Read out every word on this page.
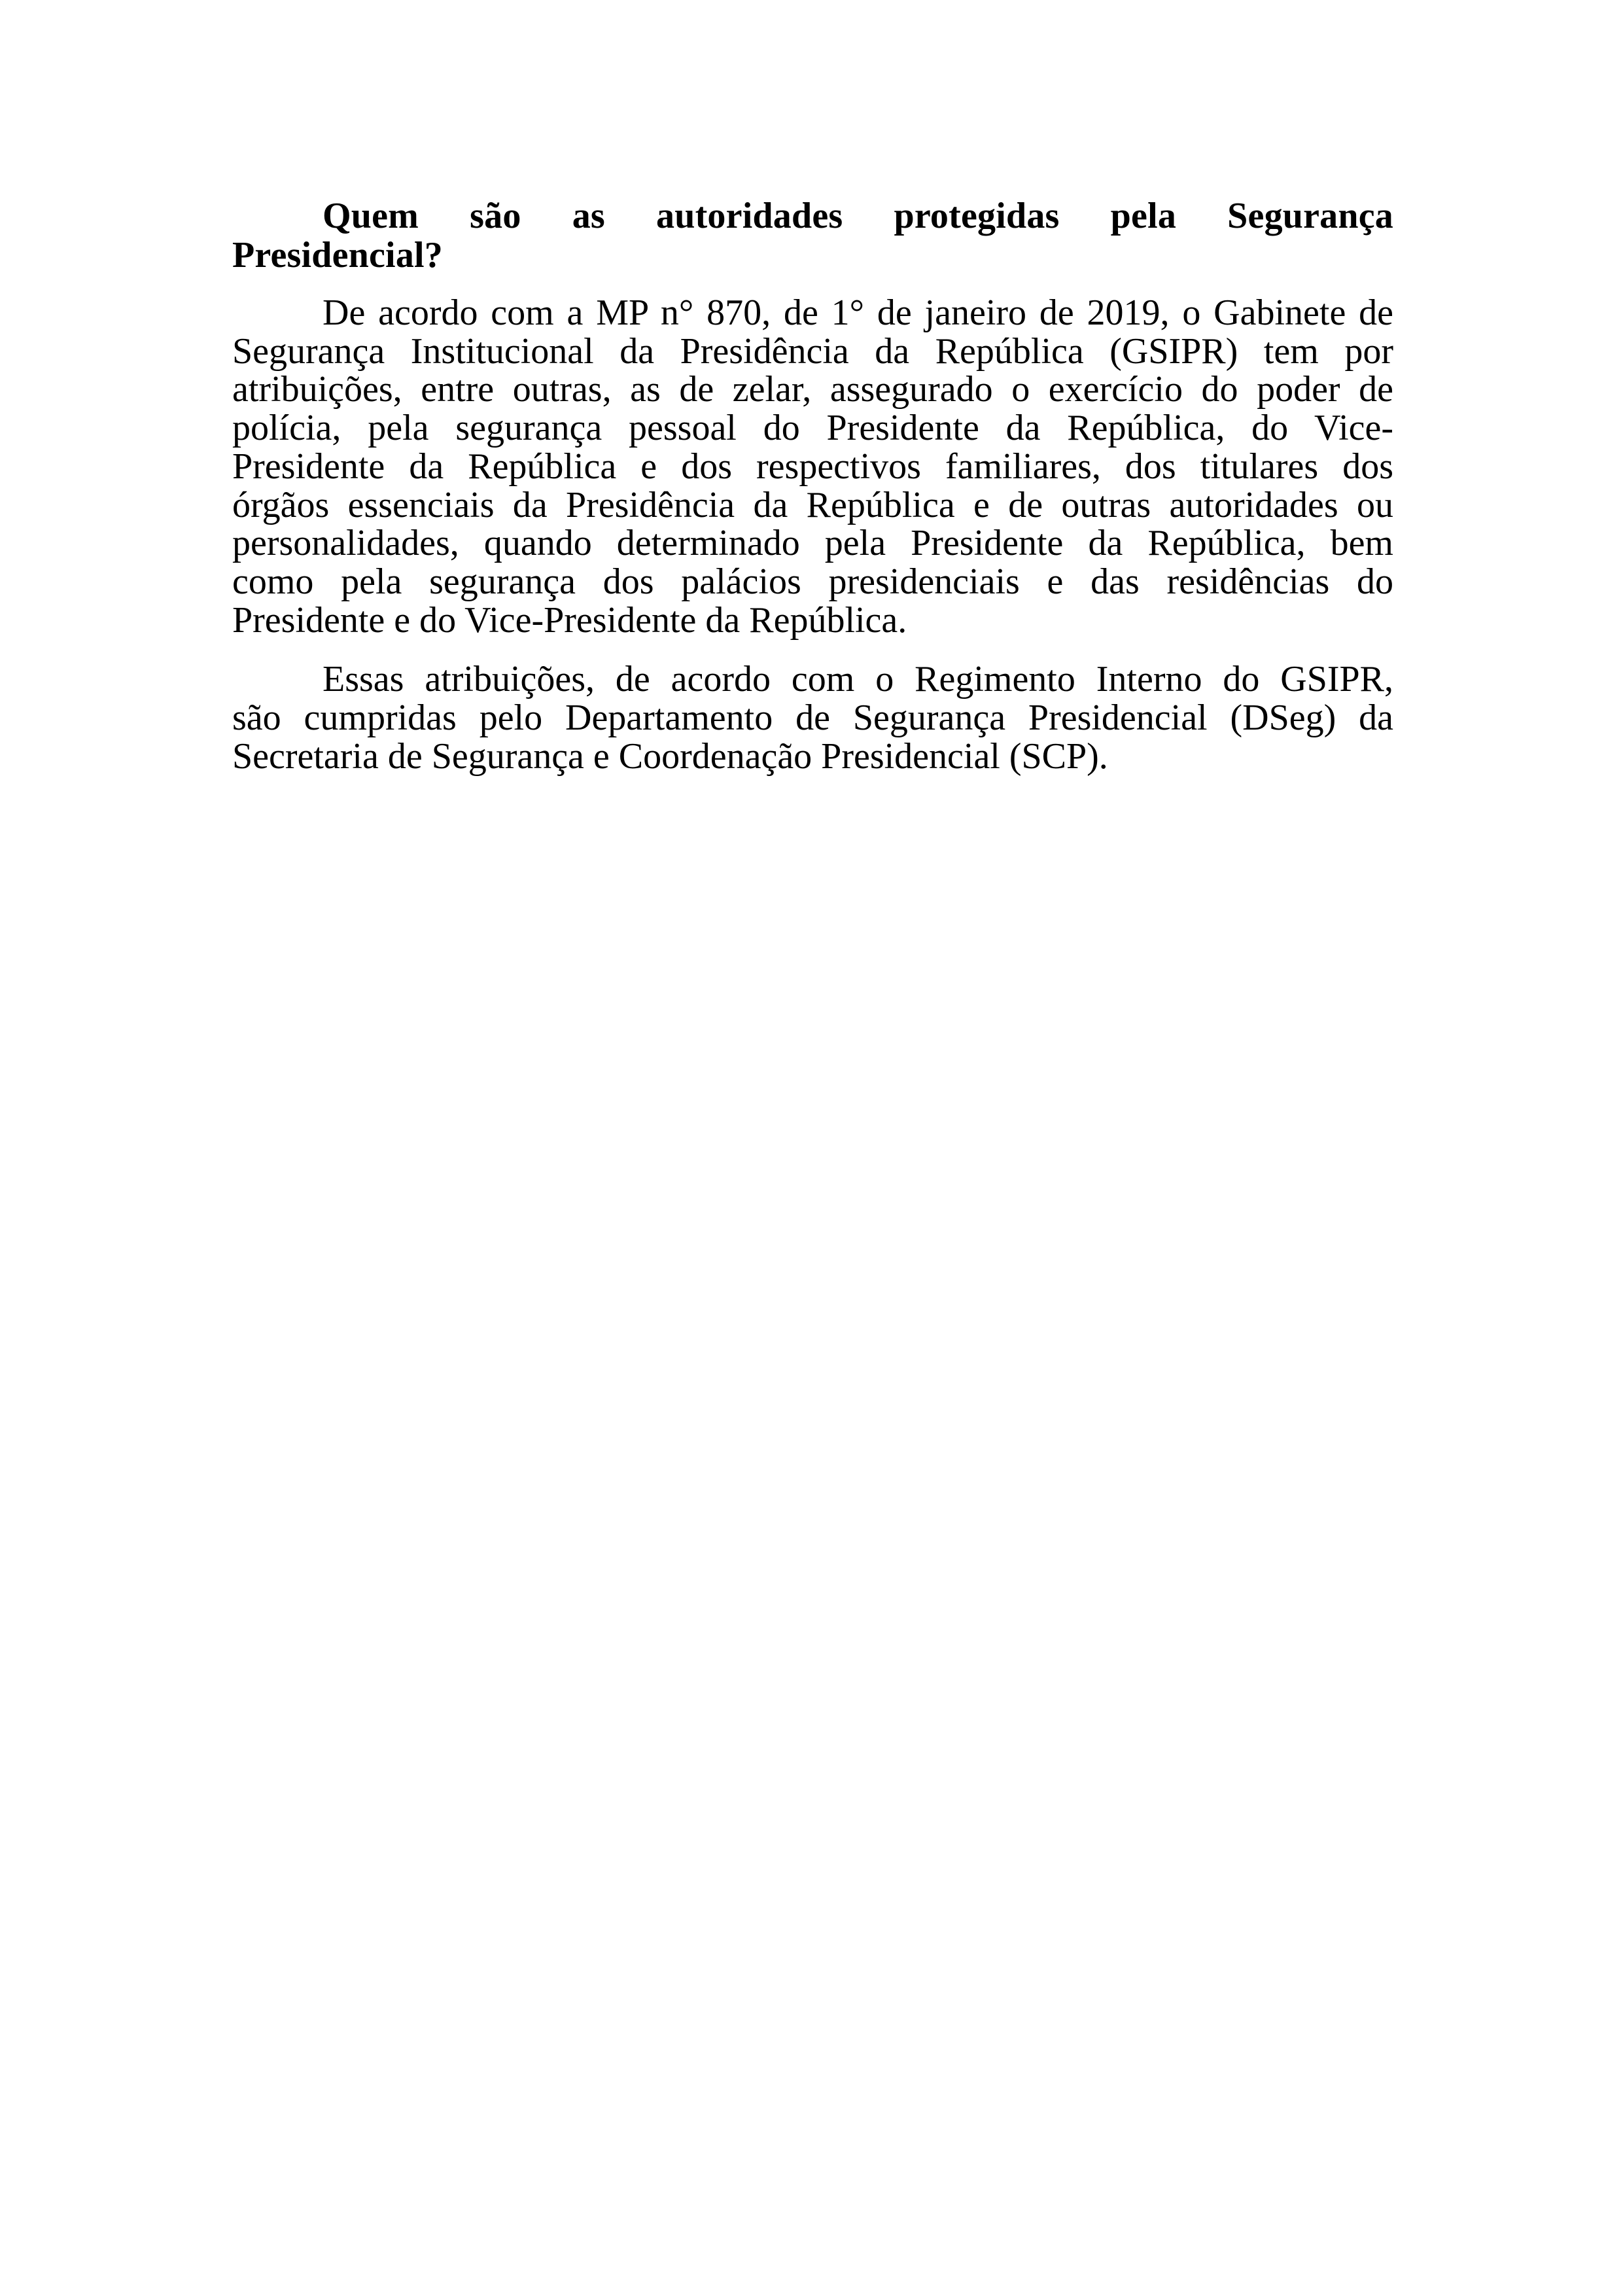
Quem são as autoridades protegidas pela Segurança
Presidencial?

De acordo com a MP n° 870, de 1° de janeiro de 2019, o Gabinete de
Segurança Institucional da Presidência da República (GSIPR) tem por
atribuições, entre outras, as de zelar, assegurado o exercício do poder de
polícia, pela segurança pessoal do Presidente da República, do Vice-
Presidente da República e dos respectivos familiares, dos titulares dos
órgãos essenciais da Presidência da República e de outras autoridades ou
personalidades, quando determinado pela Presidente da República, bem
como pela segurança dos palácios presidenciais e das residências do
Presidente e do Vice-Presidente da República.

Essas atribuições, de acordo com o Regimento Interno do GSIPR,
são cumpridas pelo Departamento de Segurança Presidencial (DSeg) da
Secretaria de Segurança e Coordenação Presidencial (SCP).
